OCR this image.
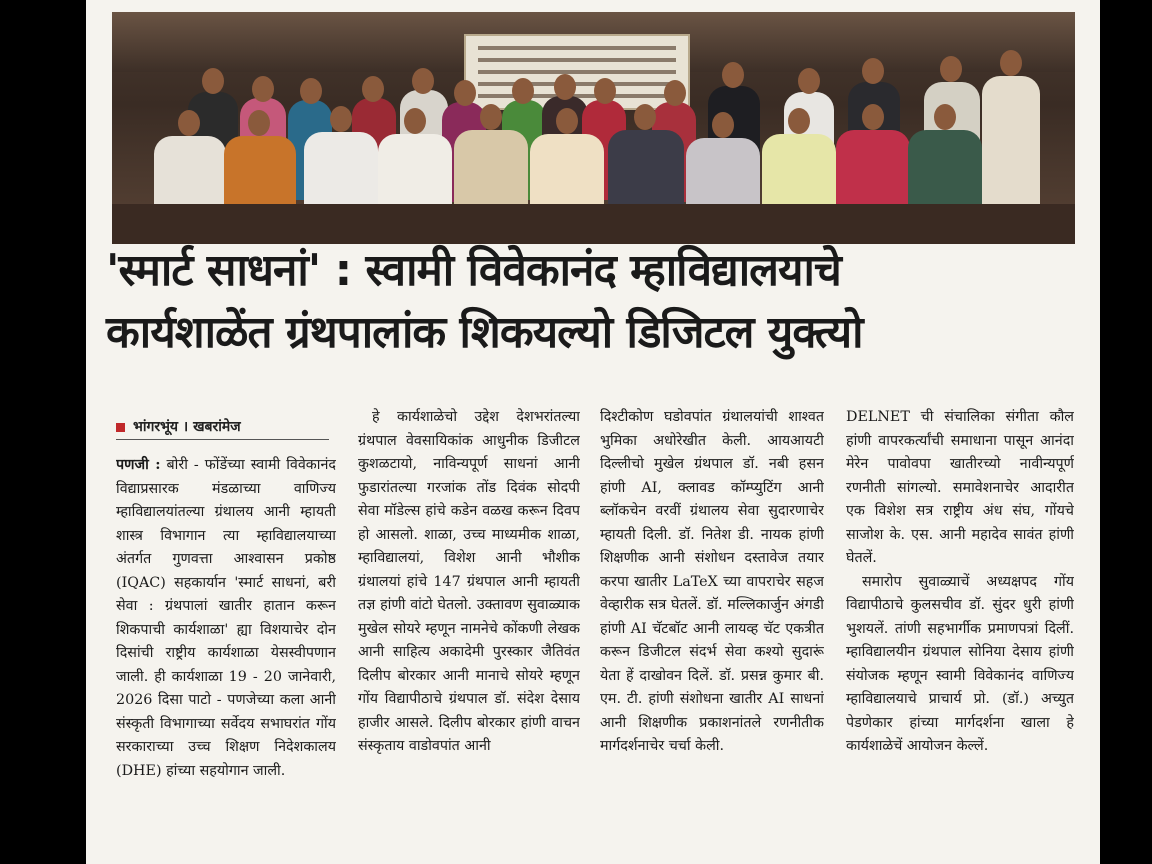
'स्मार्ट साधनां' : स्वामी विवेकानंद म्हाविद्यालयाचे
कार्यशाळेंत ग्रंथपालांक शिकयल्यो डिजिटल युक्त्यो
भांगरभूंय । खबरांमेज
पणजी : बोरी - फोंडेंच्या स्वामी विवेकानंद विद्याप्रसारक मंडळाच्या वाणिज्य म्हाविद्यालयांतल्या ग्रंथालय आनी म्हायती शास्त्र विभागान त्या म्हाविद्यालयाच्या अंतर्गत गुणवत्ता आश्वासन प्रकोष्ठ (IQAC) सहकार्यान 'स्मार्ट साधनां, बरी सेवा : ग्रंथपालां खातीर हातान करून शिकपाची कार्यशाळा' ह्या विशयाचेर दोन दिसांची राष्ट्रीय कार्यशाळा येसस्वीपणान जाली. ही कार्यशाळा 19 - 20 जानेवारी, 2026 दिसा पाटो - पणजेच्या कला आनी संस्कृती विभागाच्या सर्वेदय सभाघरांत गोंय सरकाराच्या उच्च शिक्षण निदेशकालय (DHE) हांच्या सहयोगान जाली.
हे कार्यशाळेचो उद्देश देशभरांतल्या ग्रंथपाल वेवसायिकांक आधुनीक डिजीटल कुशळटायो, नाविन्यपूर्ण साधनां आनी फुडारांतल्या गरजांक तोंड दिवंक सोदपी सेवा मॉडेल्स हांचे कडेन वळख करून दिवप हो आसलो. शाळा, उच्च माध्यमीक शाळा, म्हाविद्यालयां, विशेश आनी भौशीक ग्रंथालयां हांचे 147 ग्रंथपाल आनी म्हायती तज्ञ हांणी वांटो घेतलो. उक्तावण सुवाळ्याक मुखेल सोयरे म्हणून नामनेचे कोंकणी लेखक आनी साहित्य अकादेमी पुरस्कार जैतिवंत दिलीप बोरकार आनी मानाचे सोयरे म्हणून गोंय विद्यापीठाचे ग्रंथपाल डॉ. संदेश देसाय हाजीर आसले. दिलीप बोरकार हांणी वाचन संस्कृताय वाडोवपांत आनी
दिश्टीकोण घडोवपांत ग्रंथालयांची शाश्वत भुमिका अधोरेखीत केली. आयआयटी दिल्लीचो मुखेल ग्रंथपाल डॉ. नबी हसन हांणी AI, क्लावड कॉम्प्युटिंग आनी ब्लॉकचेन वरवीं ग्रंथालय सेवा सुदारणाचेर म्हायती दिली. डॉ. नितेश डी. नायक हांणी शिक्षणीक आनी संशोधन दस्तावेज तयार करपा खातीर LaTeX च्या वापराचेर सहज वेव्हारीक सत्र घेतलें. डॉ. मल्लिकार्जुन अंगडी हांणी AI चॅटबॉट आनी लायव्ह चॅट एकत्रीत करून डिजीटल संदर्भ सेवा कश्यो सुदारूं येता हें दाखोवन दिलें. डॉ. प्रसन्न कुमार बी. एम. टी. हांणी संशोधना खातीर AI साधनां आनी शिक्षणीक प्रकाशनांतले रणनीतीक मार्गदर्शनाचेर चर्चा केली.

DELNET ची संचालिका संगीता कौल हांणी वापरकर्त्यांची समाधाना पासून आनंदा मेरेन पावोवपा खातीरच्यो नावीन्यपूर्ण रणनीती सांगल्यो. समावेशनाचेर आदारीत एक विशेश सत्र राष्ट्रीय अंध संघ, गोंयचे साजोश के. एस. आनी महादेव सावंत हांणी घेतलें.

समारोप सुवाळ्याचें अध्यक्षपद गोंय विद्यापीठाचे कुलसचीव डॉ. सुंदर धुरी हांणी भुशयलें. तांणी सहभार्गीक प्रमाणपत्रां दिलीं. म्हाविद्यालयीन ग्रंथपाल सोनिया देसाय हांणी संयोजक म्हणून स्वामी विवेकानंद वाणिज्य म्हाविद्यालयाचे प्राचार्य प्रो. (डॉ.) अच्युत पेडणेकार हांच्या मार्गदर्शना खाला हे कार्यशाळेचें आयोजन केल्लें.
